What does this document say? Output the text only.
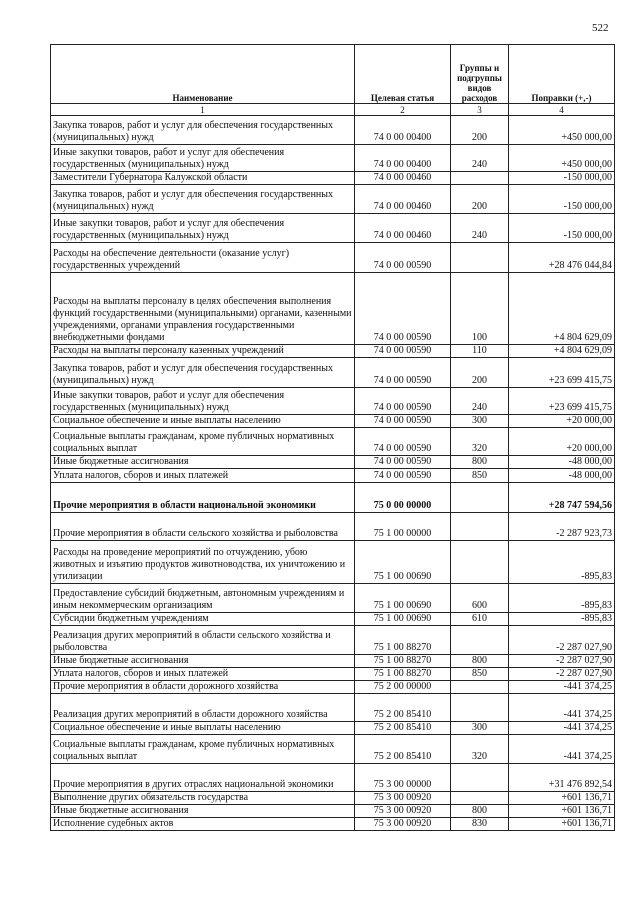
522
Наименование	Целевая статья	Группы и подгруппы видов расходов	Поправки (+,-)
1	2	3	4
Закупка товаров, работ и услуг для обеспечения государственных (муниципальных) нужд	74 0 00 00400	200	+450 000,00
Иные закупки товаров, работ и услуг для обеспечения государственных (муниципальных) нужд	74 0 00 00400	240	+450 000,00
Заместители Губернатора Калужской области	74 0 00 00460		-150 000,00
Закупка товаров, работ и услуг для обеспечения государственных (муниципальных) нужд	74 0 00 00460	200	-150 000,00
Иные закупки товаров, работ и услуг для обеспечения государственных (муниципальных) нужд	74 0 00 00460	240	-150 000,00
Расходы на обеспечение деятельности (оказание услуг) государственных учреждений	74 0 00 00590		+28 476 044,84
Расходы на выплаты персоналу в целях обеспечения выполнения функций государственными (муниципальными) органами, казенными учреждениями, органами управления государственными внебюджетными фондами	74 0 00 00590	100	+4 804 629,09
Расходы на выплаты персоналу казенных учреждений	74 0 00 00590	110	+4 804 629,09
Закупка товаров, работ и услуг для обеспечения государственных (муниципальных) нужд	74 0 00 00590	200	+23 699 415,75
Иные закупки товаров, работ и услуг для обеспечения государственных (муниципальных) нужд	74 0 00 00590	240	+23 699 415,75
Социальное обеспечение и иные выплаты населению	74 0 00 00590	300	+20 000,00
Социальные выплаты гражданам, кроме публичных нормативных социальных выплат	74 0 00 00590	320	+20 000,00
Иные бюджетные ассигнования	74 0 00 00590	800	-48 000,00
Уплата налогов, сборов и иных платежей	74 0 00 00590	850	-48 000,00
Прочие мероприятия в области национальной экономики	75 0 00 00000		+28 747 594,56
Прочие мероприятия в области сельского хозяйства и рыболовства	75 1 00 00000		-2 287 923,73
Расходы на проведение мероприятий по отчуждению, убою животных и изъятию продуктов животноводства, их уничтожению и утилизации	75 1 00 00690		-895,83
Предоставление субсидий бюджетным, автономным учреждениям и иным некоммерческим организациям	75 1 00 00690	600	-895,83
Субсидии бюджетным учреждениям	75 1 00 00690	610	-895,83
Реализация других мероприятий в области сельского хозяйства и рыболовства	75 1 00 88270		-2 287 027,90
Иные бюджетные ассигнования	75 1 00 88270	800	-2 287 027,90
Уплата налогов, сборов и иных платежей	75 1 00 88270	850	-2 287 027,90
Прочие мероприятия в области дорожного хозяйства	75 2 00 00000		-441 374,25
Реализация других мероприятий в области дорожного хозяйства	75 2 00 85410		-441 374,25
Социальное обеспечение и иные выплаты населению	75 2 00 85410	300	-441 374,25
Социальные выплаты гражданам, кроме публичных нормативных социальных выплат	75 2 00 85410	320	-441 374,25
Прочие мероприятия в других отраслях национальной экономики	75 3 00 00000		+31 476 892,54
Выполнение других обязательств государства	75 3 00 00920		+601 136,71
Иные бюджетные ассигнования	75 3 00 00920	800	+601 136,71
Исполнение судебных актов	75 3 00 00920	830	+601 136,71
